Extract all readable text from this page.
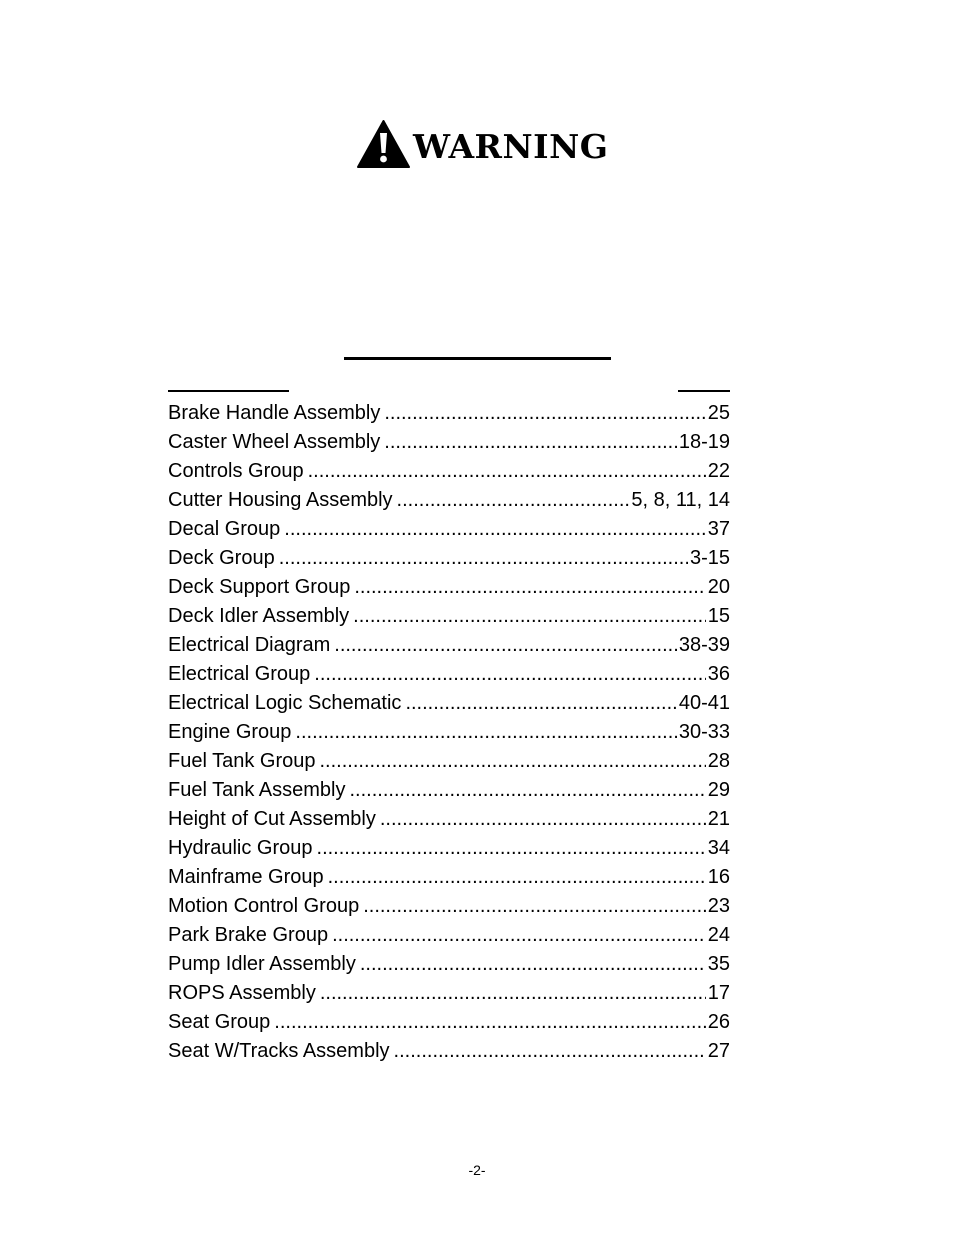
WARNING
Brake Handle Assembly .....	25
Caster Wheel Assembly .....	18-19
Controls Group .....	22
Cutter Housing Assembly .....	5, 8, 11, 14
Decal Group .....	37
Deck Group .....	3-15
Deck Support Group .....	20
Deck Idler Assembly .....	15
Electrical Diagram .....	38-39
Electrical Group .....	36
Electrical Logic Schematic .....	40-41
Engine Group .....	30-33
Fuel Tank Group .....	28
Fuel Tank Assembly .....	29
Height of Cut Assembly .....	21
Hydraulic Group .....	34
Mainframe Group .....	16
Motion Control Group .....	23
Park Brake Group .....	24
Pump Idler Assembly .....	35
ROPS Assembly .....	17
Seat Group .....	26
Seat W/Tracks Assembly .....	27
-2-
